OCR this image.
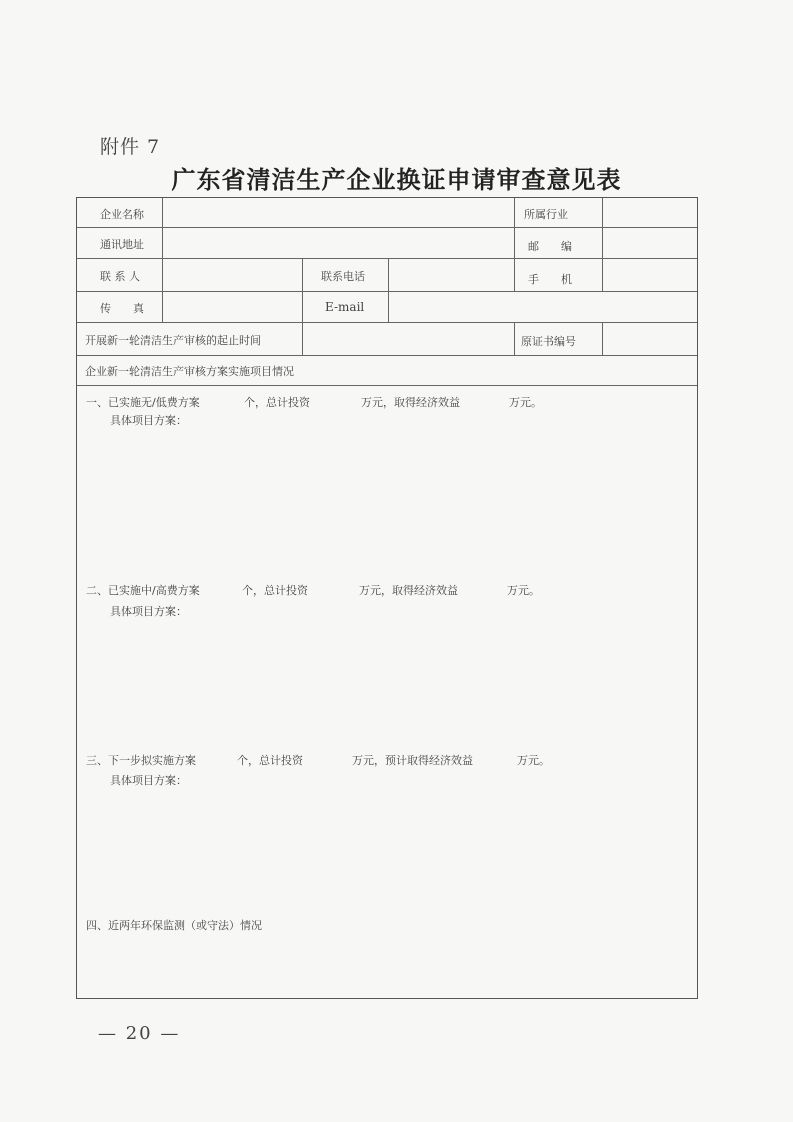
附件 7
广东省清洁生产企业换证申请审查意见表
企业名称	所属行业
通讯地址	邮　　编
联 系 人	联系电话	手　　机
传　　真	E-mail
开展新一轮清洁生产审核的起止时间	原证书编号
企业新一轮清洁生产审核方案实施项目情况
一、已实施无/低费方案	个，总计投资	万元，取得经济效益	万元。
具体项目方案：
二、已实施中/高费方案	个，总计投资	万元，取得经济效益	万元。
具体项目方案：
三、下一步拟实施方案	个，总计投资	万元，预计取得经济效益	万元。
具体项目方案：
四、近两年环保监测（或守法）情况
— 20 —
